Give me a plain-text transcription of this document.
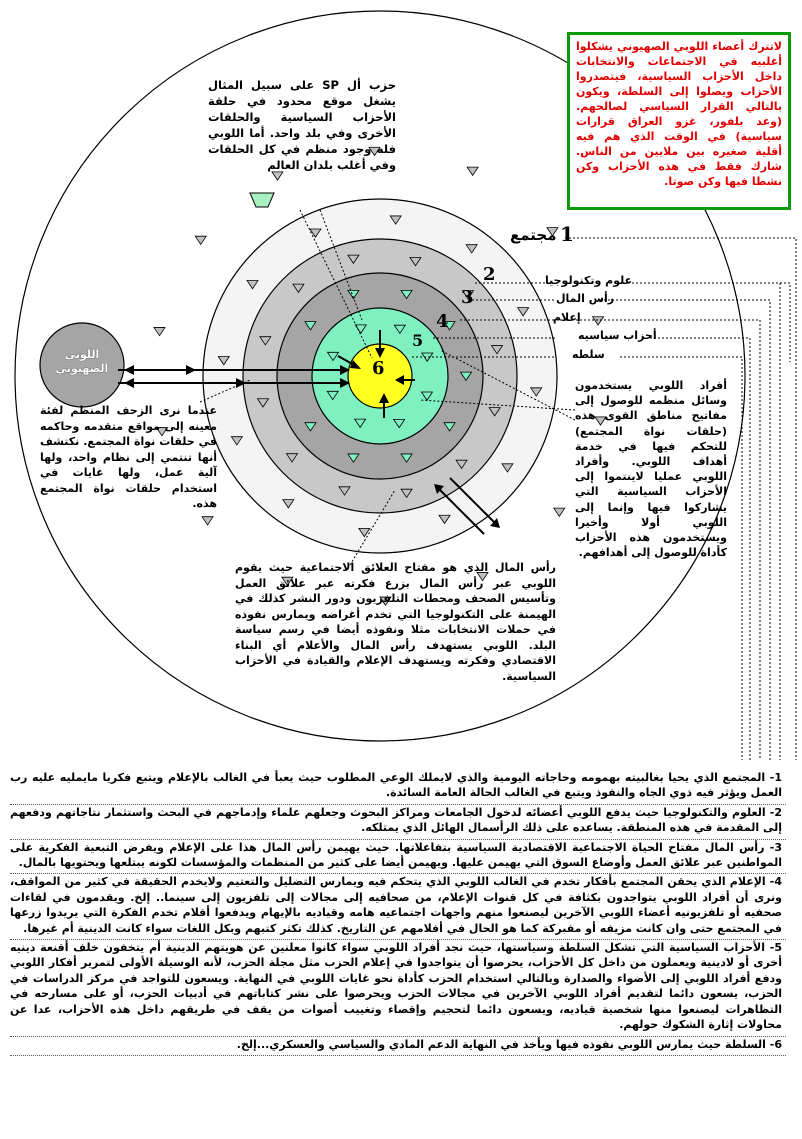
1
مجتمع
2
3
4
5
6
علوم وتكنولوجيا
رأس المال
إعلام
أحزاب سياسيه
سلطه
اللوبي
الصهيوني
لاتترك أعضاء اللوبي الصهيوني يشكلوا أغلبيه في الاجتماعات والانتخابات داخل الأحزاب السياسية، فيتصدروا الأحزاب ويصلوا إلى السلطة، ويكون بالتالي القرار السياسي لصالحهم. (وعد بلفور، غزو العراق قرارات سياسية) في الوقت الذي هم فيه أقلية صغيره بين ملايين من الناس. شارك فقط في هذه الأحزاب وكن نشطا فيها وكن صوتا.
حزب أل SP على سبيل المثال يشغل موقع محدود في حلقة الأحزاب السياسية والحلقات الأخرى وفي بلد واحد. أما اللوبي فله وجود منظم في كل الحلقات وفي أغلب بلدان العالم
عندما نرى الزحف المنظم لفئة معينه إلى مواقع متقدمه وحاكمه في حلقات نواة المجتمع. نكتشف أنها تنتمي إلى نظام واحد، ولها آلية عمل، ولها غايات في استخدام حلقات نواة المجتمع هذه.
أفراد اللوبي يستخدمون وسائل منظمه للوصول إلى مفاتيح مناطق القوى هذه (حلقات نواة المجتمع) للتحكم فيها في خدمة أهداف اللوبي. وأفراد اللوبي عمليا لاينتموا إلى الأحزاب السياسية التي يشاركوا فيها وإنما إلى اللوبي أولا وأخيرا ويستخدمون هذه الأحزاب كأداة للوصول إلى أهدافهم.
رأس المال الذي هو مفتاح العلائق الاجتماعية حيث يقوم اللوبي عبر رأس المال بزرع فكرته عبر علائق العمل وتأسيس الصحف ومحطات التلفزيون ودور النشر كذلك في الهيمنة على التكنولوجيا التي تخدم أغراضه ويمارس نفوذه في حملات الانتخابات مثلا ونفوذه أيضا في رسم سياسة البلد. اللوبي يستهدف رأس المال والأعلام أي البناء الاقتصادي وفكرته ويستهدف الإعلام والقيادة في الأحزاب السياسية.

1- المجتمع الذي يحيا بغالبيته بهمومه وحاجاته اليومية والذي لايملك الوعي المطلوب حيث يعبأ في الغالب بالإعلام ويتبع فكريا مايمليه عليه رب العمل ويؤثر فيه ذوي الجاه والنفوذ ويتبع في الغالب الحالة العامة السائدة.

2- العلوم والتكنولوجيا حيث يدفع اللوبي أعضائه لدخول الجامعات ومراكز البحوث وجعلهم علماء وإدماجهم في البحث واستثمار نتاجاتهم ودفعهم إلى المقدمة في هذه المنطقة. يساعده على ذلك الرأسمال الهائل الذي يمتلكه.

3- رأس المال مفتاح الحياة الاجتماعية الاقتصادية السياسية بتفاعلاتها. حيث يهيمن رأس المال هذا على الإعلام ويفرض التبعية الفكرية على المواطنين عبر علائق العمل وأوضاع السوق التي يهيمن عليها. ويهيمن أيضا على كثير من المنظمات والمؤسسات لكونه يبتلعها ويحتويها بالمال.

4- الإعلام الذي يحقن المجتمع بأفكار تخدم في الغالب اللوبي الذي يتحكم فيه ويمارس التضليل والتعتيم ولايخدم الحقيقة في كثير من المواقف، ونرى أن أفراد اللوبي يتواجدون بكثافة في كل قنوات الإعلام، من صحافيه إلى مجالات إلى تلفزيون إلى سينما.. إلخ. ويقدمون في لقاءات صحفيه أو تلفزيونيه أعضاء اللوبي الآخرين ليصنعوا منهم واجهات اجتماعيه هامه وقياديه بالإيهام ويدفعوا أقلام تخدم الفكرة التي يريدوا زرعها في المجتمع حتى وان كانت مزيفه أو مفبركة كما هو الحال في أفلامهم عن التاريخ. كذلك تكثر كتبهم وبكل اللغات سواء كانت الدينية أم غيرها.

5- الأحزاب السياسية التي تشكل السلطة وسياستها، حيث نجد أفراد اللوبي سواء كانوا معلنين عن هويتهم الدينية أم يتخفون خلف أقنعة دينيه أخرى أو لادينية ويعملون من داخل كل الأحزاب، يحرصوا أن يتواجدوا في إعلام الحزب مثل مجلة الحزب، لأنه الوسيلة الأولى لتمرير أفكار اللوبي ودفع أفراد اللوبي إلى الأضواء والصدارة وبالتالي استخدام الحزب كأداة نحو غايات اللوبي في النهاية. ويسعون للتواجد في مركز الدراسات في الحزب، يسعون دائما لتقديم أفراد اللوبي الآخرين في مجالات الحزب ويحرصوا على نشر كتاباتهم في أدبيات الحزب، أو على مسارحه في التظاهرات ليصنعوا منها شخصية قياديه، ويسعون دائما لتحجيم وإقصاء وتغييب أصوات من يقف في طريقهم داخل هذه الأحزاب، عدا عن محاولات إثارة الشكوك حولهم.

6- السلطة حيث يمارس اللوبي نفوذه فيها ويأخذ في النهاية الدعم المادي والسياسي والعسكري...إلخ.
